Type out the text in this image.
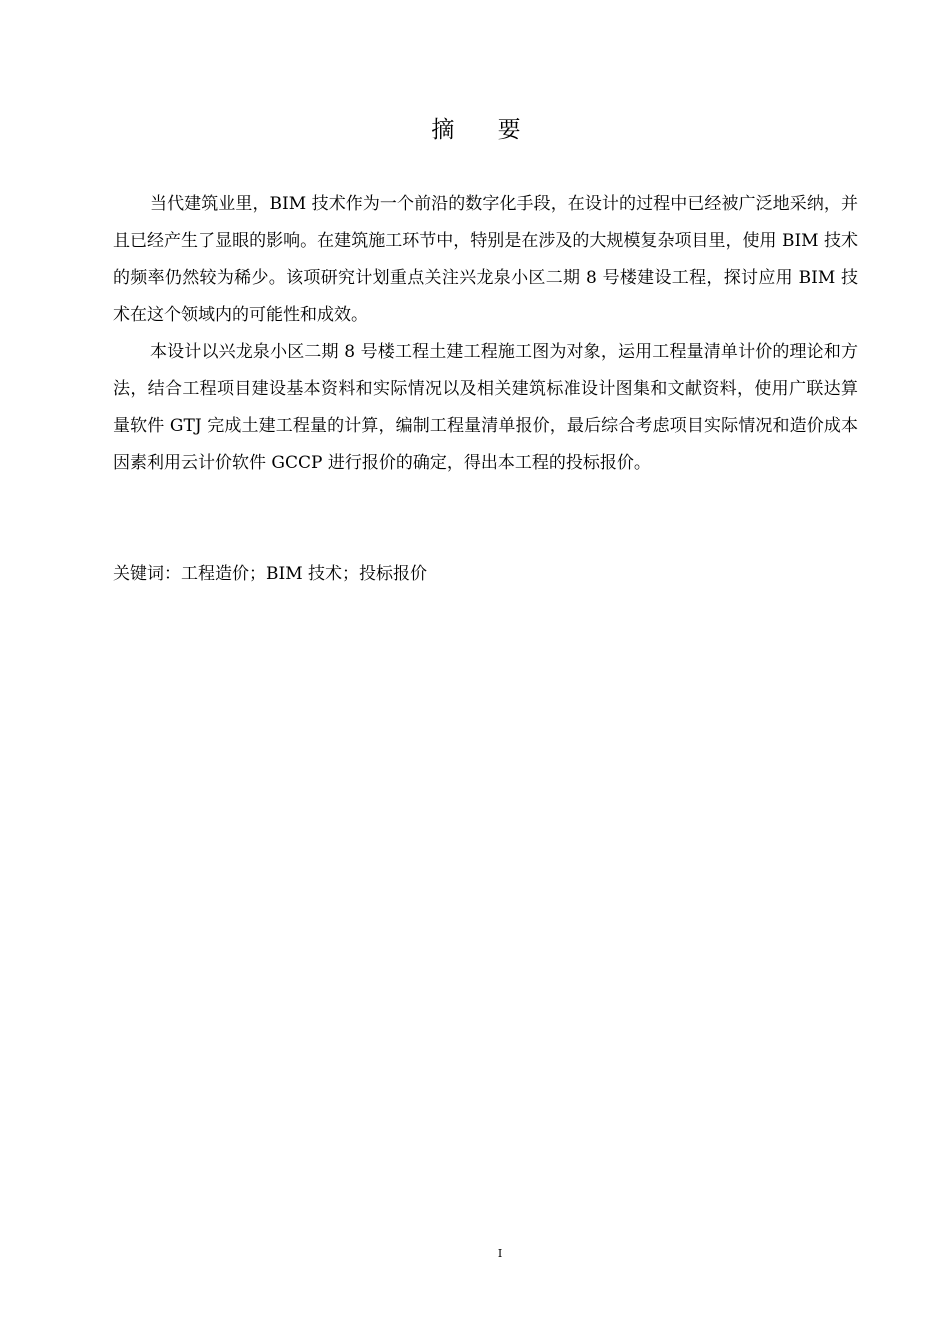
摘 要

当代建筑业里，BIM 技术作为一个前沿的数字化手段，在设计的过程中已经被广泛地采纳，并且已经产生了显眼的影响。在建筑施工环节中，特别是在涉及的大规模复杂项目里，使用 BIM 技术的频率仍然较为稀少。该项研究计划重点关注兴龙泉小区二期 8 号楼建设工程，探讨应用 BIM 技术在这个领域内的可能性和成效。

本设计以兴龙泉小区二期 8 号楼工程土建工程施工图为对象，运用工程量清单计价的理论和方法，结合工程项目建设基本资料和实际情况以及相关建筑标准设计图集和文献资料，使用广联达算量软件 GTJ 完成土建工程量的计算，编制工程量清单报价，最后综合考虑项目实际情况和造价成本因素利用云计价软件 GCCP 进行报价的确定，得出本工程的投标报价。

关键词：工程造价；BIM 技术；投标报价
I
